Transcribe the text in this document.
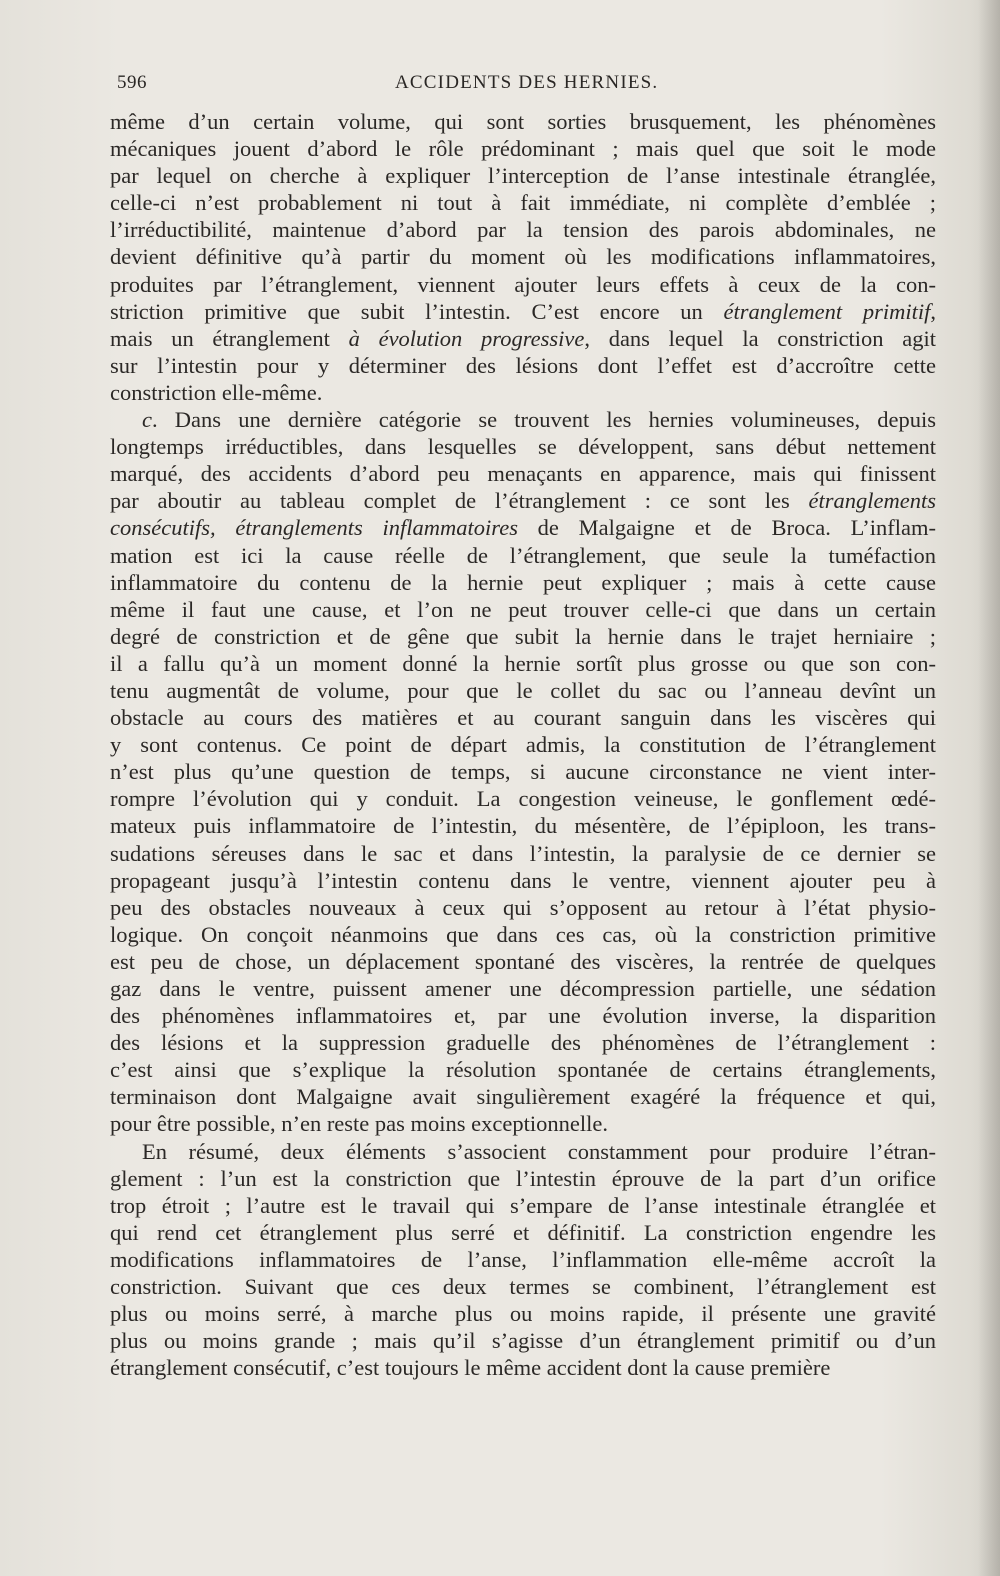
596	ACCIDENTS DES HERNIES.
même d’un certain volume, qui sont sorties brusquement, les phénomènes
mécaniques jouent d’abord le rôle prédominant ; mais quel que soit le mode
par lequel on cherche à expliquer l’interception de l’anse intestinale étranglée,
celle-ci n’est probablement ni tout à fait immédiate, ni complète d’emblée ;
l’irréductibilité, maintenue d’abord par la tension des parois abdominales, ne
devient définitive qu’à partir du moment où les modifications inflammatoires,
produites par l’étranglement, viennent ajouter leurs effets à ceux de la con-
striction primitive que subit l’intestin. C’est encore un étranglement primitif,
mais un étranglement à évolution progressive, dans lequel la constriction agit
sur l’intestin pour y déterminer des lésions dont l’effet est d’accroître cette
constriction elle-même.
c. Dans une dernière catégorie se trouvent les hernies volumineuses, depuis
longtemps irréductibles, dans lesquelles se développent, sans début nettement
marqué, des accidents d’abord peu menaçants en apparence, mais qui finissent
par aboutir au tableau complet de l’étranglement : ce sont les étranglements
consécutifs, étranglements inflammatoires de Malgaigne et de Broca. L’inflam-
mation est ici la cause réelle de l’étranglement, que seule la tuméfaction
inflammatoire du contenu de la hernie peut expliquer ; mais à cette cause
même il faut une cause, et l’on ne peut trouver celle-ci que dans un certain
degré de constriction et de gêne que subit la hernie dans le trajet herniaire ;
il a fallu qu’à un moment donné la hernie sortît plus grosse ou que son con-
tenu augmentât de volume, pour que le collet du sac ou l’anneau devînt un
obstacle au cours des matières et au courant sanguin dans les viscères qui
y sont contenus. Ce point de départ admis, la constitution de l’étranglement
n’est plus qu’une question de temps, si aucune circonstance ne vient inter-
rompre l’évolution qui y conduit. La congestion veineuse, le gonflement œdé-
mateux puis inflammatoire de l’intestin, du mésentère, de l’épiploon, les trans-
sudations séreuses dans le sac et dans l’intestin, la paralysie de ce dernier se
propageant jusqu’à l’intestin contenu dans le ventre, viennent ajouter peu à
peu des obstacles nouveaux à ceux qui s’opposent au retour à l’état physio-
logique. On conçoit néanmoins que dans ces cas, où la constriction primitive
est peu de chose, un déplacement spontané des viscères, la rentrée de quelques
gaz dans le ventre, puissent amener une décompression partielle, une sédation
des phénomènes inflammatoires et, par une évolution inverse, la disparition
des lésions et la suppression graduelle des phénomènes de l’étranglement :
c’est ainsi que s’explique la résolution spontanée de certains étranglements,
terminaison dont Malgaigne avait singulièrement exagéré la fréquence et qui,
pour être possible, n’en reste pas moins exceptionnelle.
En résumé, deux éléments s’associent constamment pour produire l’étran-
glement : l’un est la constriction que l’intestin éprouve de la part d’un orifice
trop étroit ; l’autre est le travail qui s’empare de l’anse intestinale étranglée et
qui rend cet étranglement plus serré et définitif. La constriction engendre les
modifications inflammatoires de l’anse, l’inflammation elle-même accroît la
constriction. Suivant que ces deux termes se combinent, l’étranglement est
plus ou moins serré, à marche plus ou moins rapide, il présente une gravité
plus ou moins grande ; mais qu’il s’agisse d’un étranglement primitif ou d’un
étranglement consécutif, c’est toujours le même accident dont la cause première
